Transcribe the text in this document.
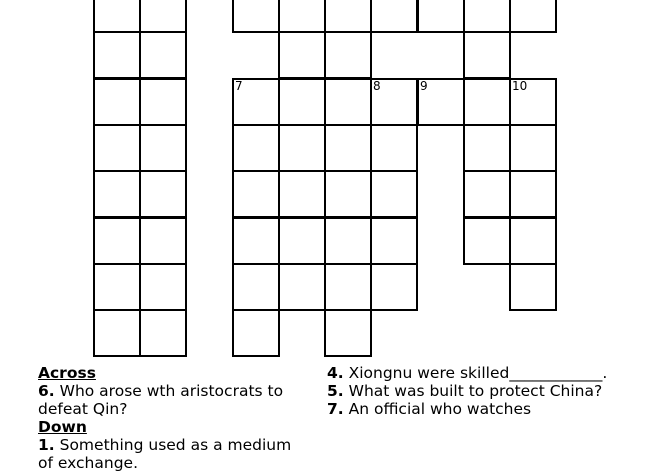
7	8	9	10
Across

6. Who arose wth aristocrats to defeat Qin?

Down

1. Something used as a medium of exchange.

4. Xiongnu were skilled____________.

5. What was built to protect China?

7. An official who watches
